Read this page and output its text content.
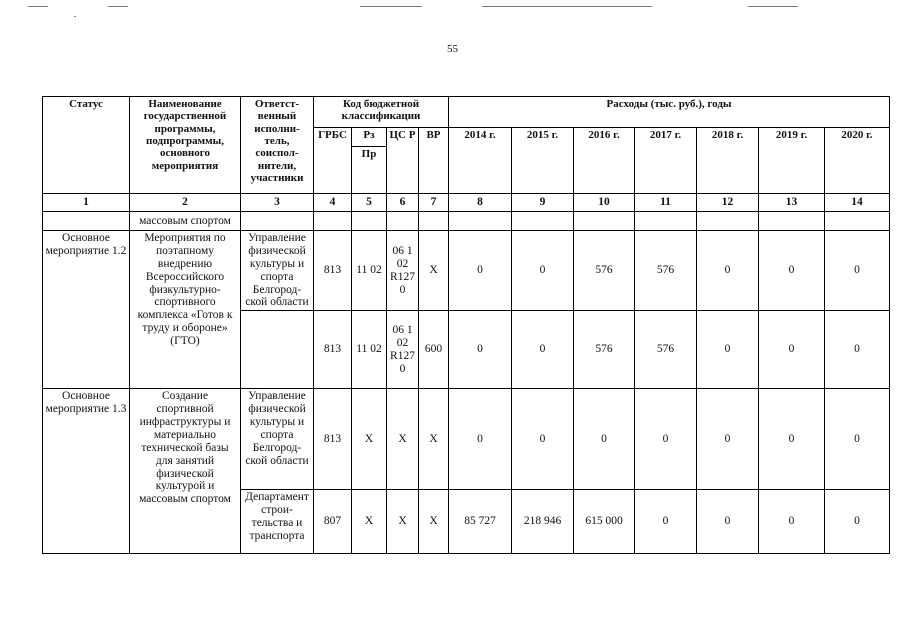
55
Статус	Наименование государственной программы, подпрограммы, основного мероприятия	Ответст-венный исполни-тель, соиспол-нители, участники	Код бюджетной классификации				Расходы (тыс. руб.), годы						
			ГРБС	Рз	ЦС Р	ВР	2014 г.	2015 г.	2016 г.	2017 г.	2018 г.	2019 г.	2020 г.
				Пр									
1	2	3	4	5	6	7	8	9	10	11	12	13	14
	массовым спортом												
Основное мероприятие 1.2	Мероприятия по поэтапному внедрению Всероссийского физкультурно-спортивного комплекса «Готов к труду и обороне» (ГТО)	Управление физической культуры и спорта Белгород-ской области	813	11 02	06 1 02 R127 0	Х	0	0	576	576	0	0	0
			813	11 02	06 1 02 R127 0	600	0	0	576	576	0	0	0
Основное мероприятие 1.3	Создание спортивной инфраструктуры и материально технической базы для занятий физической культурой и массовым спортом	Управление физической культуры и спорта Белгород-ской области	813	Х	Х	Х	0	0	0	0	0	0	0
		Департамент строи-тельства и транспорта	807	Х	Х	Х	85 727	218 946	615 000	0	0	0	0
